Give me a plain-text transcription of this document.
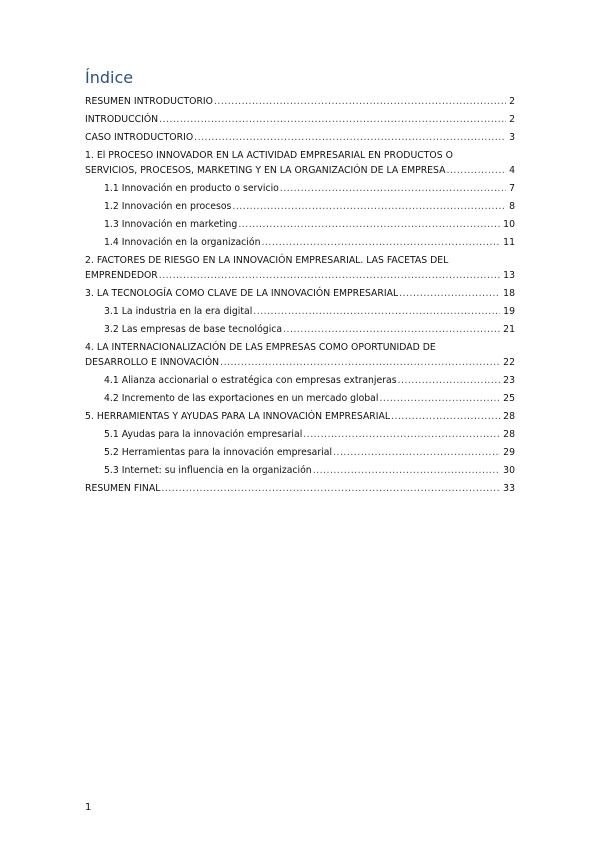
Índice
RESUMEN INTRODUCTORIO .....	2
INTRODUCCIÓN .....	2
CASO INTRODUCTORIO .....	3
1. El PROCESO INNOVADOR EN LA ACTIVIDAD EMPRESARIAL EN PRODUCTOS O
SERVICIOS, PROCESOS, MARKETING Y EN LA ORGANIZACIÓN DE LA EMPRESA .....	4
1.1 Innovación en producto o servicio .....	7
1.2 Innovación en procesos .....	8
1.3 Innovación en marketing .....	10
1.4 Innovación en la organización .....	11
2. FACTORES DE RIESGO EN LA INNOVACIÓN EMPRESARIAL. LAS FACETAS DEL
EMPRENDEDOR .....	13
3. LA TECNOLOGÍA COMO CLAVE DE LA INNOVACIÓN EMPRESARIAL .....	18
3.1 La industria en la era digital .....	19
3.2 Las empresas de base tecnológica .....	21
4. LA INTERNACIONALIZACIÓN DE LAS EMPRESAS COMO OPORTUNIDAD DE
DESARROLLO E INNOVACIÓN .....	22
4.1 Alianza accionarial o estratégica con empresas extranjeras .....	23
4.2 Incremento de las exportaciones en un mercado global .....	25
5. HERRAMIENTAS Y AYUDAS PARA LA INNOVACIÓN EMPRESARIAL .....	28
5.1 Ayudas para la innovación empresarial .....	28
5.2 Herramientas para la innovación empresarial .....	29
5.3 Internet: su influencia en la organización .....	30
RESUMEN FINAL .....	33
1
